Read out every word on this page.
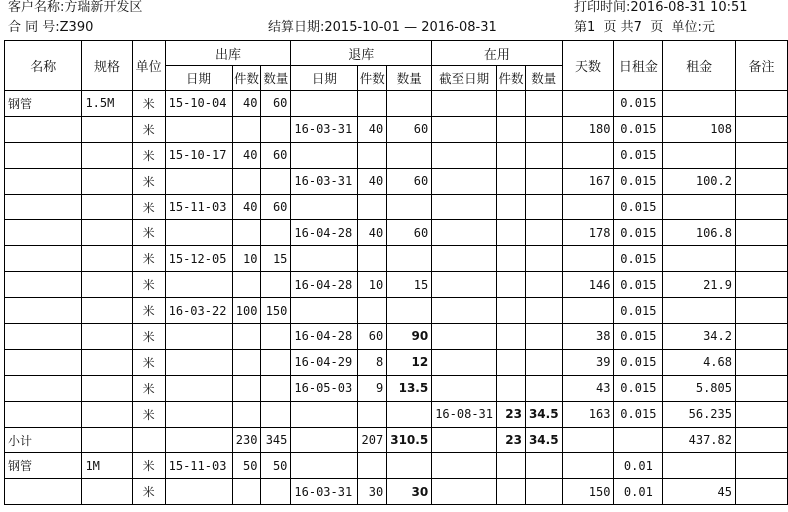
客户名称:方瑞新开发区	打印时间:2016-08-31 10:51
合 同 号:Z390	结算日期:2015-10-01 — 2016-08-31	第1  页 共7  页 单位:元
名称	规格	单位	出库			退库			在用			天数	日租金	租金	备注
			日期	件数	数量	日期	件数	数量	截至日期	件数	数量				
钢管	1.5M	米	15-10-04	40	60								0.015		
		米				16-03-31	40	60				180	0.015	108	
		米	15-10-17	40	60								0.015		
		米				16-03-31	40	60				167	0.015	100.2	
		米	15-11-03	40	60								0.015		
		米				16-04-28	40	60				178	0.015	106.8	
		米	15-12-05	10	15								0.015		
		米				16-04-28	10	15				146	0.015	21.9	
		米	16-03-22	100	150								0.015		
		米				16-04-28	60	90				38	0.015	34.2	
		米				16-04-29	8	12				39	0.015	4.68	
		米				16-05-03	9	13.5				43	0.015	5.805	
		米							16-08-31	23	34.5	163	0.015	56.235	
小计				230	345		207	310.5		23	34.5			437.82	
钢管	1M	米	15-11-03	50	50								0.01		
		米				16-03-31	30	30				150	0.01	45	
